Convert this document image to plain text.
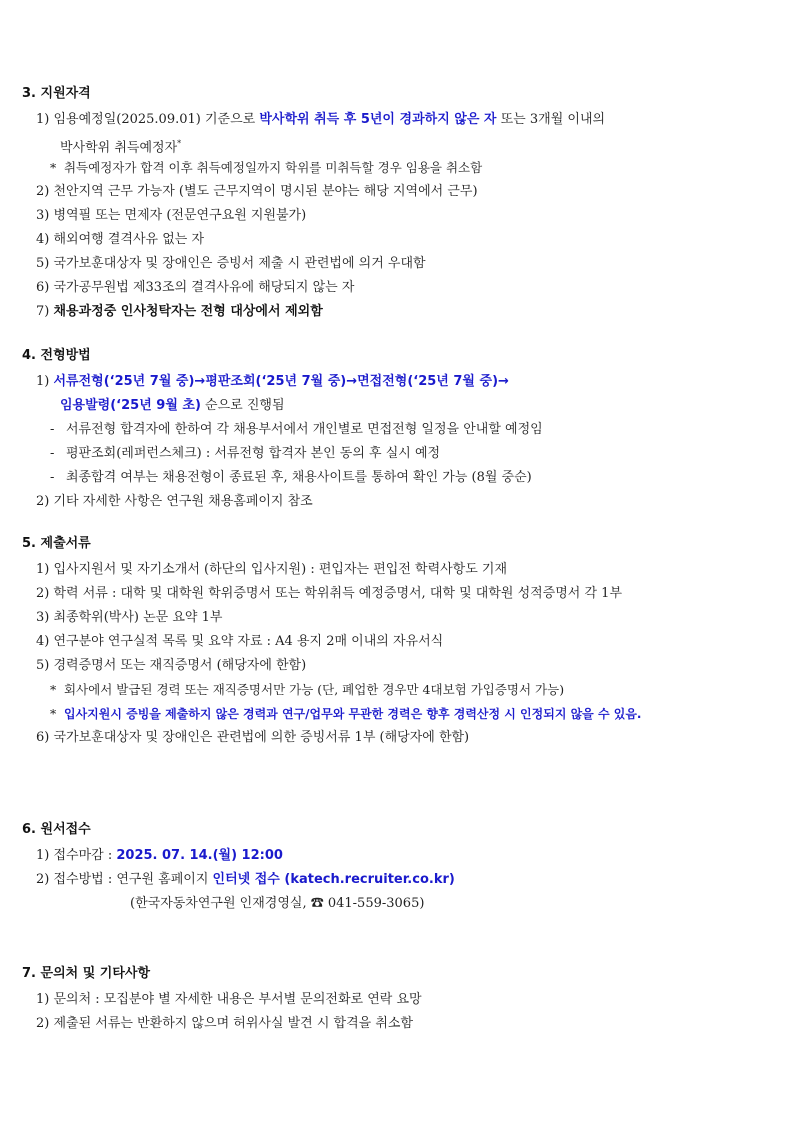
3. 지원자격
1) 임용예정일(2025.09.01) 기준으로 박사학위 취득 후 5년이 경과하지 않은 자 또는 3개월 이내의
박사학위 취득예정자*
* 취득예정자가 합격 이후 취득예정일까지 학위를 미취득할 경우 임용을 취소함
2) 천안지역 근무 가능자 (별도 근무지역이 명시된 분야는 해당 지역에서 근무)
3) 병역필 또는 면제자 (전문연구요원 지원불가)
4) 해외여행 결격사유 없는 자
5) 국가보훈대상자 및 장애인은 증빙서 제출 시 관련법에 의거 우대함
6) 국가공무원법 제33조의 결격사유에 해당되지 않는 자
7) 채용과정중 인사청탁자는 전형 대상에서 제외함
4. 전형방법
1) 서류전형(‘25년 7월 중)→평판조회(‘25년 7월 중)→면접전형(‘25년 7월 중)→
임용발령(‘25년 9월 초) 순으로 진행됨
- 서류전형 합격자에 한하여 각 채용부서에서 개인별로 면접전형 일정을 안내할 예정임
- 평판조회(레퍼런스체크) : 서류전형 합격자 본인 동의 후 실시 예정
- 최종합격 여부는 채용전형이 종료된 후, 채용사이트를 통하여 확인 가능 (8월 중순)
2) 기타 자세한 사항은 연구원 채용홈페이지 참조
5. 제출서류
1) 입사지원서 및 자기소개서 (하단의 입사지원) : 편입자는 편입전 학력사항도 기재
2) 학력 서류 : 대학 및 대학원 학위증명서 또는 학위취득 예정증명서, 대학 및 대학원 성적증명서 각 1부
3) 최종학위(박사) 논문 요약 1부
4) 연구분야 연구실적 목록 및 요약 자료 : A4 용지 2매 이내의 자유서식
5) 경력증명서 또는 재직증명서 (해당자에 한함)
* 회사에서 발급된 경력 또는 재직증명서만 가능 (단, 폐업한 경우만 4대보험 가입증명서 가능)
* 입사지원시 증빙을 제출하지 않은 경력과 연구/업무와 무관한 경력은 향후 경력산정 시 인정되지 않을 수 있음.
6) 국가보훈대상자 및 장애인은 관련법에 의한 증빙서류 1부 (해당자에 한함)
6. 원서접수
1) 접수마감 : 2025. 07. 14.(월) 12:00
2) 접수방법 : 연구원 홈페이지 인터넷 접수 (katech.recruiter.co.kr)
(한국자동차연구원 인재경영실, ☎ 041-559-3065)
7. 문의처 및 기타사항
1) 문의처 : 모집분야 별 자세한 내용은 부서별 문의전화로 연락 요망
2) 제출된 서류는 반환하지 않으며 허위사실 발견 시 합격을 취소함
